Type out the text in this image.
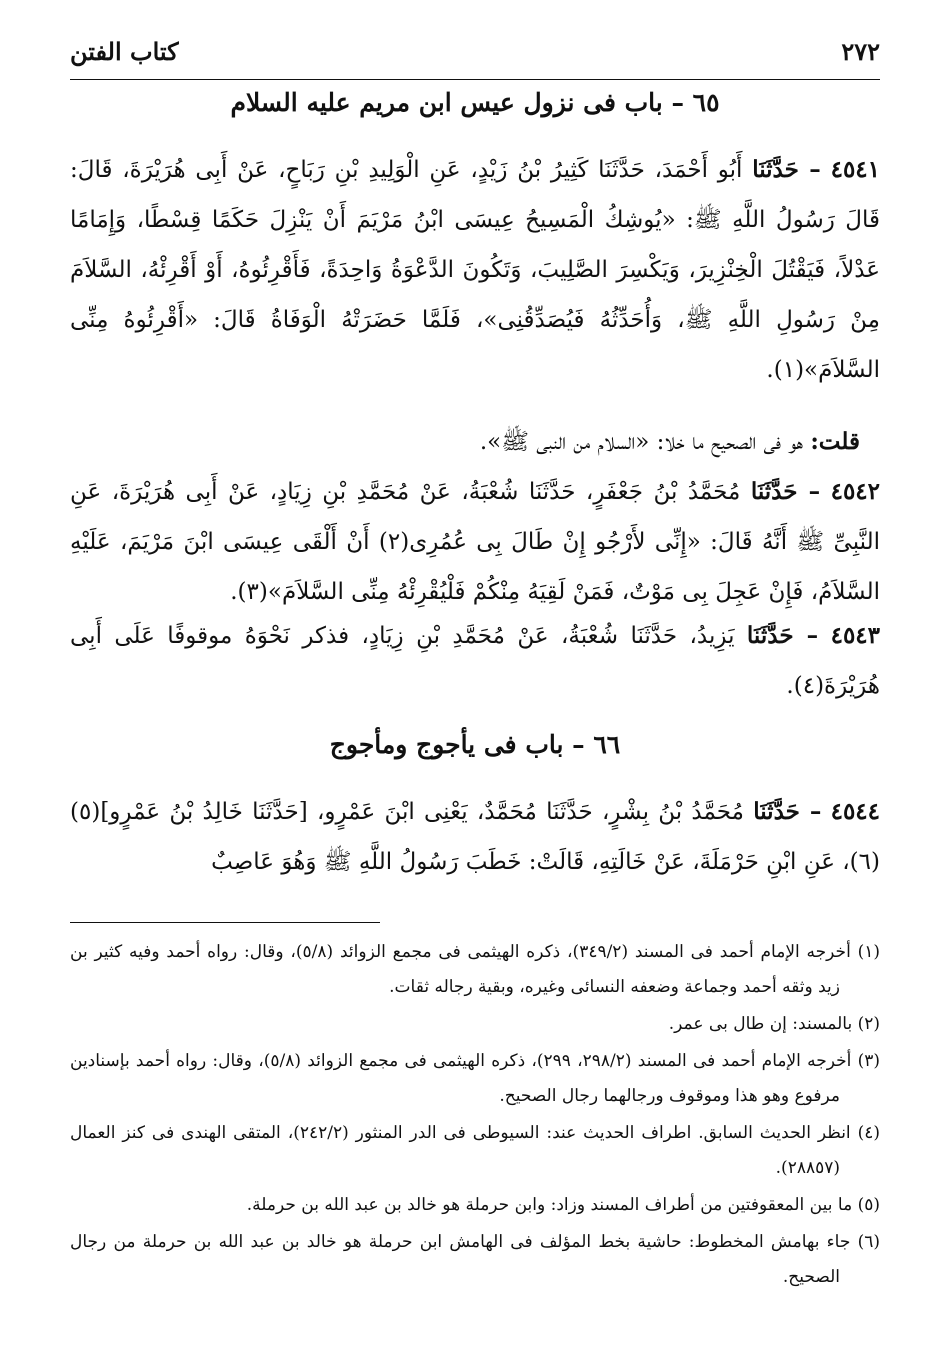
٢٧٢
كتاب الفتن
٦٥ – باب فى نزول عيس ابن مريم عليه السلام
٤٥٤١ – حَدَّثَنَا أَبُو أَحْمَدَ، حَدَّثَنَا كَثِيرُ بْنُ زَيْدٍ، عَنِ الْوَلِيدِ بْنِ رَبَاحٍ، عَنْ أَبِى هُرَيْرَةَ، قَالَ: قَالَ رَسُولُ اللَّهِ ﷺ: «يُوشِكُ الْمَسِيحُ عِيسَى ابْنُ مَرْيَمَ أَنْ يَنْزِلَ حَكَمًا قِسْطًا، وَإِمَامًا عَدْلاً، فَيَقْتُلَ الْخِنْزِيرَ، وَيَكْسِرَ الصَّلِيبَ، وَتَكُونَ الدَّعْوَةُ وَاحِدَةً، فَأَقْرِئُوهُ، أَوْ أَقْرِئْهُ، السَّلاَمَ مِنْ رَسُولِ اللَّهِ ﷺ، وَأُحَدِّثُهُ فَيُصَدِّقُنِى»، فَلَمَّا حَضَرَتْهُ الْوَفَاةُ قَالَ: «أَقْرِئُوهُ مِنِّى السَّلاَمَ»(١).
قلت: هو فى الصحيح ما خلا: «السلام من النبى ﷺ».
٤٥٤٢ – حَدَّثَنَا مُحَمَّدُ بْنُ جَعْفَرٍ، حَدَّثَنَا شُعْبَةُ، عَنْ مُحَمَّدِ بْنِ زِيَادٍ، عَنْ أَبِى هُرَيْرَةَ، عَنِ النَّبِىِّ ﷺ أَنَّهُ قَالَ: «إِنِّى لأَرْجُو إِنْ طَالَ بِى عُمُرِى(٢) أَنْ أَلْقَى عِيسَى ابْنَ مَرْيَمَ، عَلَيْهِ السَّلاَمُ، فَإِنْ عَجِلَ بِى مَوْتٌ، فَمَنْ لَقِيَهُ مِنْكُمْ فَلْيُقْرِئْهُ مِنِّى السَّلاَمَ»(٣).
٤٥٤٣ – حَدَّثَنَا يَزِيدُ، حَدَّثَنَا شُعْبَةُ، عَنْ مُحَمَّدِ بْنِ زِيَادٍ، فذكر نَحْوَهُ موقوفًا عَلَى أَبِى هُرَيْرَةَ(٤).
٦٦ – باب فى يأجوج ومأجوج
٤٥٤٤ – حَدَّثَنَا مُحَمَّدُ بْنُ بِشْرٍ، حَدَّثَنَا مُحَمَّدٌ، يَعْنِى ابْنَ عَمْرٍو، [حَدَّثَنَا خَالِدُ بْنُ عَمْرٍو](٥)(٦)، عَنِ ابْنِ حَرْمَلَةَ، عَنْ خَالَتِهِ، قَالَتْ: خَطَبَ رَسُولُ اللَّهِ ﷺ وَهُوَ عَاصِبٌ

(١) أخرجه الإمام أحمد فى المسند (٣٤٩/٢)، ذكره الهيثمى فى مجمع الزوائد (٥/٨)، وقال: رواه أحمد وفيه كثير بن زيد وثقه أحمد وجماعة وضعفه النسائى وغيره، وبقية رجاله ثقات.

(٢) بالمسند: إن طال بى عمر.

(٣) أخرجه الإمام أحمد فى المسند (٢٩٨/٢، ٢٩٩)، ذكره الهيثمى فى مجمع الزوائد (٥/٨)، وقال: رواه أحمد بإسنادين مرفوع وهو هذا وموقوف ورجالهما رجال الصحيح.

(٤) انظر الحديث السابق. اطراف الحديث عند: السيوطى فى الدر المنثور (٢٤٢/٢)، المتقى الهندى فى كنز العمال (٢٨٨٥٧).

(٥) ما بين المعقوفتين من أطراف المسند وزاد: وابن حرملة هو خالد بن عبد الله بن حرملة.

(٦) جاء بهامش المخطوط: حاشية بخط المؤلف فى الهامش ابن حرملة هو خالد بن عبد الله بن حرملة من رجال الصحيح.
